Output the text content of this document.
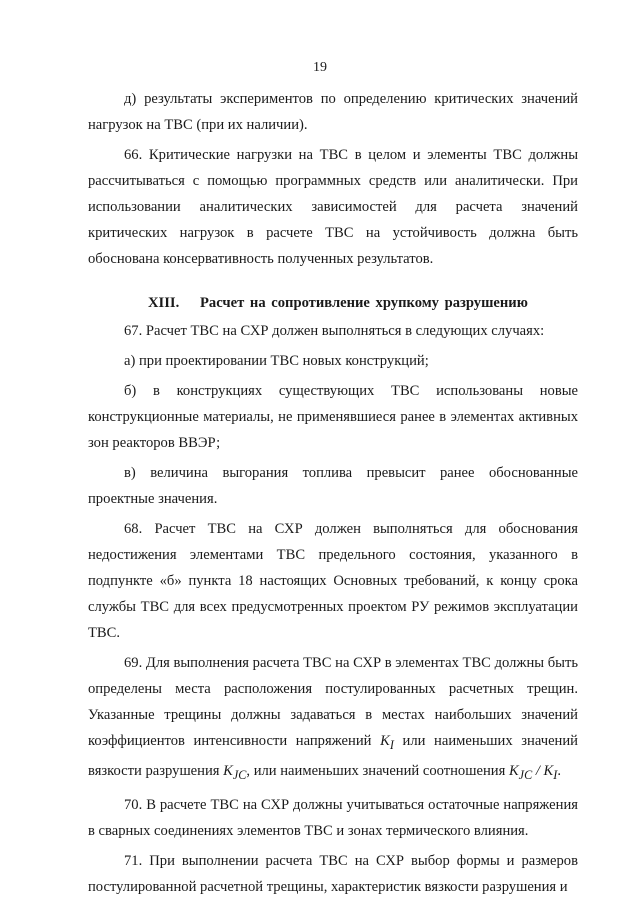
19

д) результаты экспериментов по определению критических значений нагрузок на ТВС (при их наличии).

66. Критические нагрузки на ТВС в целом и элементы ТВС должны рассчитываться с помощью программных средств или аналитически. При использовании аналитических зависимостей для расчета значений критических нагрузок в расчете ТВС на устойчивость должна быть обоснована консервативность полученных результатов.

XIII. Расчет на сопротивление хрупкому разрушению

67. Расчет ТВС на СХР должен выполняться в следующих случаях:

а) при проектировании ТВС новых конструкций;

б) в конструкциях существующих ТВС использованы новые конструкционные материалы, не применявшиеся ранее в элементах активных зон реакторов ВВЭР;

в) величина выгорания топлива превысит ранее обоснованные проектные значения.

68. Расчет ТВС на СХР должен выполняться для обоснования недостижения элементами ТВС предельного состояния, указанного в подпункте «б» пункта 18 настоящих Основных требований, к концу срока службы ТВС для всех предусмотренных проектом РУ режимов эксплуатации ТВС.

69. Для выполнения расчета ТВС на СХР в элементах ТВС должны быть определены места расположения постулированных расчетных трещин. Указанные трещины должны задаваться в местах наибольших значений коэффициентов интенсивности напряжений $K_I$ или наименьших значений вязкости разрушения $K_{JC}$, или наименьших значений соотношения $K_{JC} / K_I$.

70. В расчете ТВС на СХР должны учитываться остаточные напряжения в сварных соединениях элементов ТВС и зонах термического влияния.

71. При выполнении расчета ТВС на СХР выбор формы и размеров постулированной расчетной трещины, характеристик вязкости разрушения и
